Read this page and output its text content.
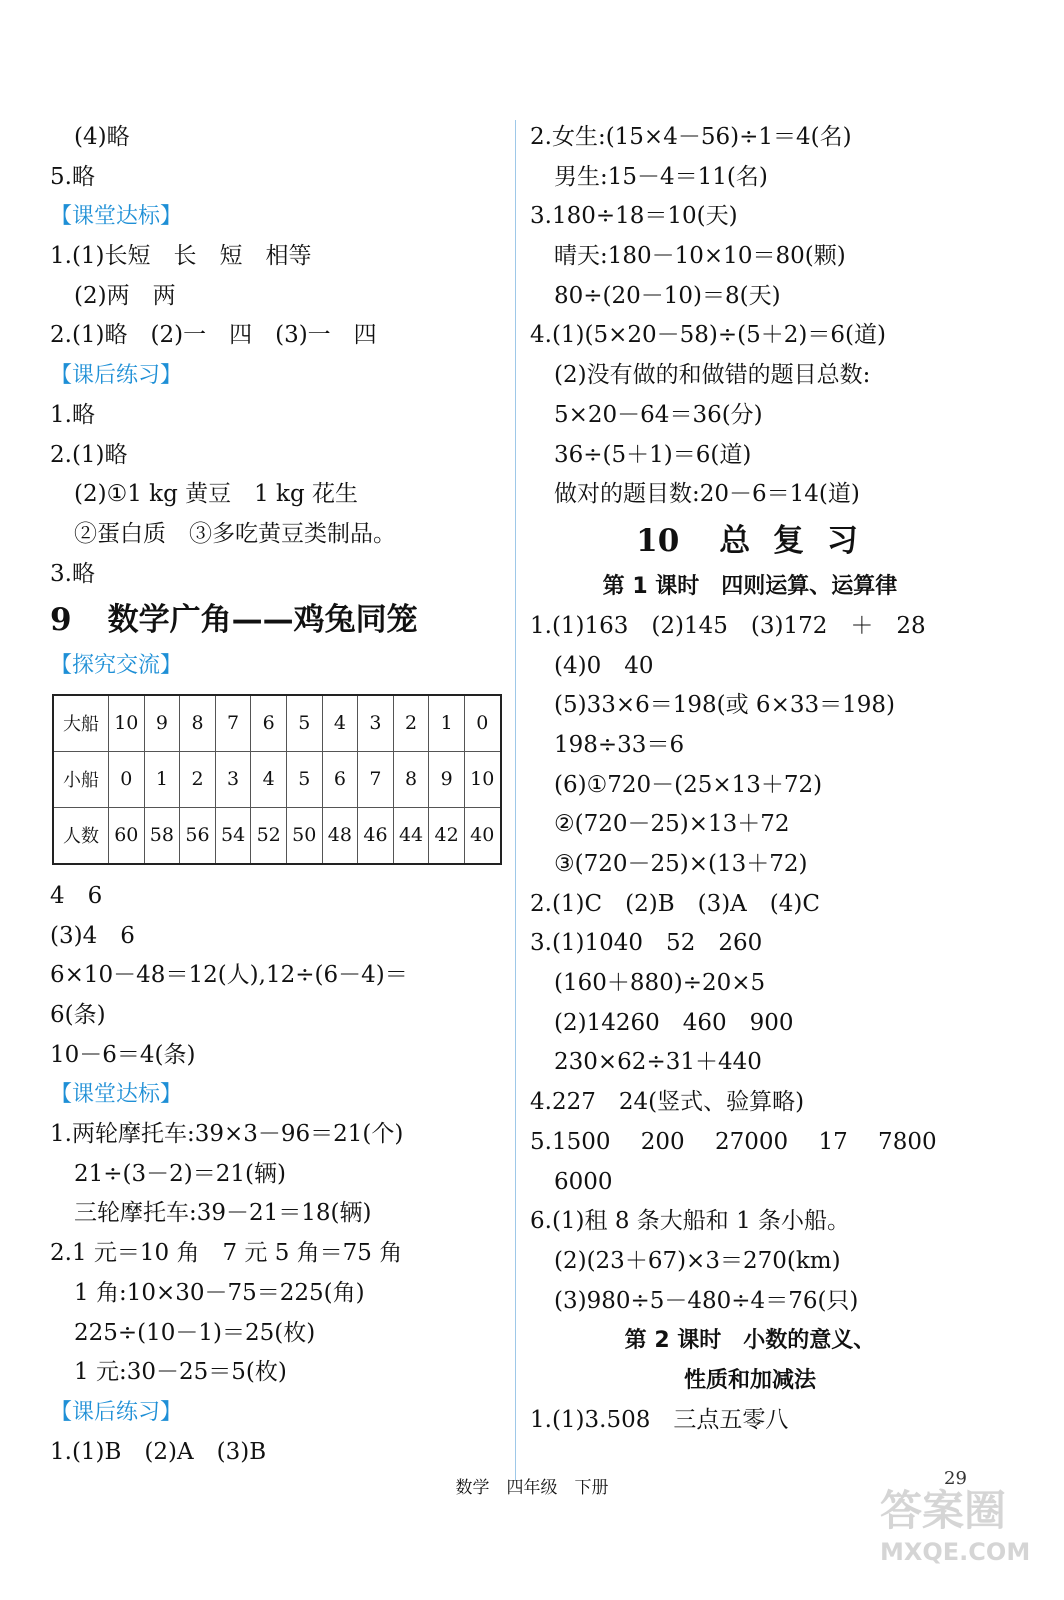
(4)略
5.略
【课堂达标】
1.(1)长短　长　短　相等
(2)两　两
2.(1)略　(2)一　四　(3)一　四
【课后练习】
1.略
2.(1)略
(2)①1 kg 黄豆　1 kg 花生
②蛋白质　③多吃黄豆类制品。
3.略
9 数学广角——鸡兔同笼
【探究交流】
大船	10	9	8	7	6	5	4	3	2	1	0
小船	0	1	2	3	4	5	6	7	8	9	10
人数	60	58	56	54	52	50	48	46	44	42	40
4　6
(3)4　6
6×10－48＝12(人),12÷(6－4)＝
6(条)
10－6＝4(条)
【课堂达标】
1.两轮摩托车:39×3－96＝21(个)
21÷(3－2)＝21(辆)
三轮摩托车:39－21＝18(辆)
2.1 元＝10 角　7 元 5 角＝75 角
1 角:10×30－75＝225(角)
225÷(10－1)＝25(枚)
1 元:30－25＝5(枚)
【课后练习】
1.(1)B　(2)A　(3)B
2.女生:(15×4－56)÷1＝4(名)
男生:15－4＝11(名)
3.180÷18＝10(天)
晴天:180－10×10＝80(颗)
80÷(20－10)＝8(天)
4.(1)(5×20－58)÷(5＋2)＝6(道)
(2)没有做的和做错的题目总数:
5×20－64＝36(分)
36÷(5＋1)＝6(道)
做对的题目数:20－6＝14(道)
10 总 复 习
第 1 课时　四则运算、运算律
1.(1)163　(2)145　(3)172　＋　28
(4)0　40
(5)33×6＝198(或 6×33＝198)
198÷33＝6
(6)①720－(25×13＋72)
②(720－25)×13＋72
③(720－25)×(13＋72)
2.(1)C　(2)B　(3)A　(4)C
3.(1)1040　52　260
(160＋880)÷20×5
(2)14260　460　900
230×62÷31＋440
4.227　24(竖式、验算略)
5.1500　 200　 27000　 17　 7800
6000
6.(1)租 8 条大船和 1 条小船。
(2)(23＋67)×3＝270(km)
(3)980÷5－480÷4＝76(只)
第 2 课时　小数的意义、
性质和加减法
1.(1)3.508　三点五零八
数学　四年级　下册	29
答案圈
MXQE.COM
